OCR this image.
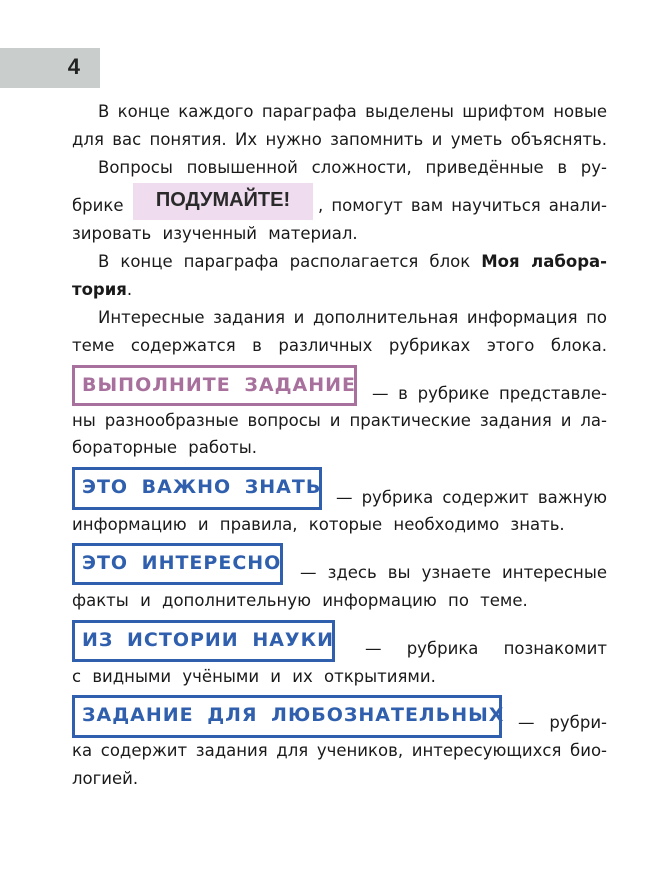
4
В конце каждого параграфа выделены шрифтом новые
для вас понятия. Их нужно запомнить и уметь объяснять.
Вопросы повышенной сложности, приведённые в ру-
брике	ПОДУМАЙТЕ!	, помогут вам научиться анали-
зировать изученный материал.
В конце параграфа располагается блок Моя лабора-
тория.
Интересные задания и дополнительная информация по
теме содержатся в различных рубриках этого блока.
ВЫПОЛНИТЕ ЗАДАНИЕ — в рубрике представле-
ны разнообразные вопросы и практические задания и ла-
бораторные работы.
ЭТО ВАЖНО ЗНАТЬ — рубрика содержит важную
информацию и правила, которые необходимо знать.
ЭТО ИНТЕРЕСНО — здесь вы узнаете интересные
факты и дополнительную информацию по теме.
ИЗ ИСТОРИИ НАУКИ — рубрика познакомит
с видными учёными и их открытиями.
ЗАДАНИЕ ДЛЯ ЛЮБОЗНАТЕЛЬНЫХ — рубри-
ка содержит задания для учеников, интересующихся био-
логией.
